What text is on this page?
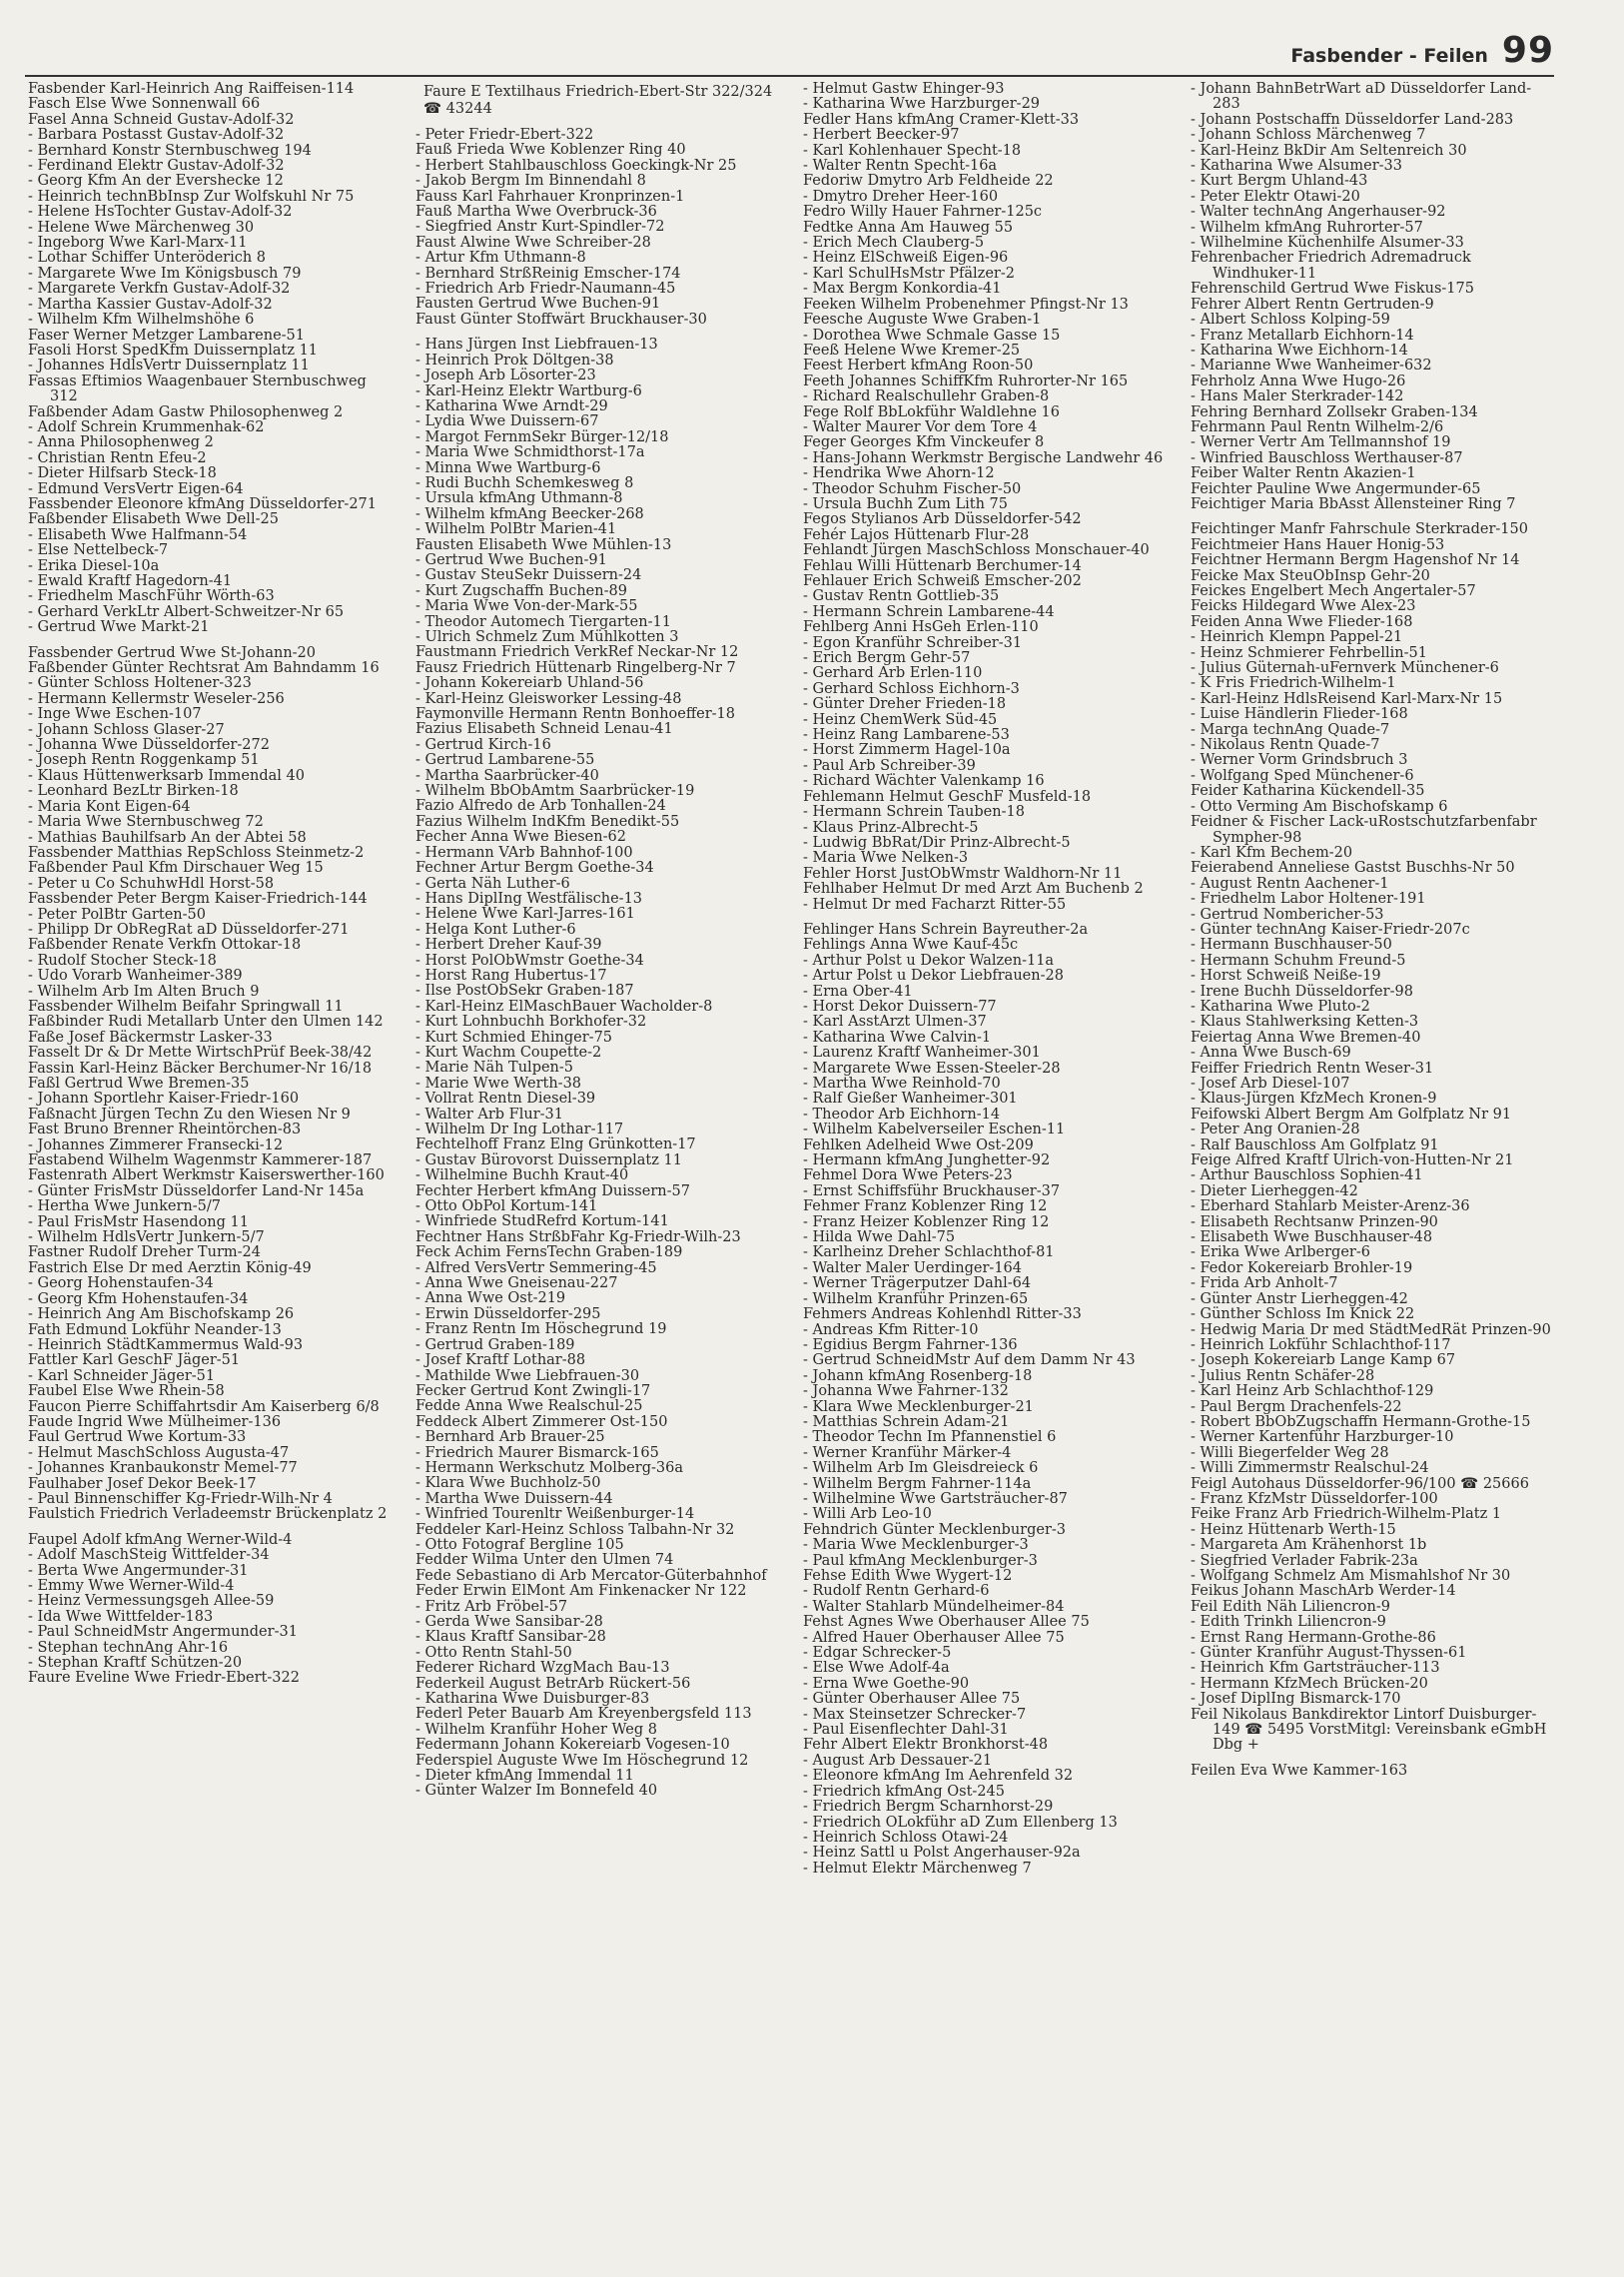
Fasbender - Feilen 99
Fasbender Karl-Heinrich Ang Raiffeisen-114
Fasch Else Wwe Sonnenwall 66
Fasel Anna Schneid Gustav-Adolf-32
- Barbara Postasst Gustav-Adolf-32
- Bernhard Konstr Sternbuschweg 194
- Ferdinand Elektr Gustav-Adolf-32
- Georg Kfm An der Evershecke 12
- Heinrich technBbInsp Zur Wolfskuhl Nr 75
- Helene HsTochter Gustav-Adolf-32
- Helene Wwe Märchenweg 30
- Ingeborg Wwe Karl-Marx-11
- Lothar Schiffer Unteröderich 8
- Margarete Wwe Im Königsbusch 79
- Margarete Verkfn Gustav-Adolf-32
- Martha Kassier Gustav-Adolf-32
- Wilhelm Kfm Wilhelmshöhe 6
Faser Werner Metzger Lambarene-51
Fasoli Horst SpedKfm Duissernplatz 11
- Johannes HdlsVertr Duissernplatz 11
Fassas Eftimios Waagenbauer Sternbuschweg 312
Faßbender Adam Gastw Philosophenweg 2
- Adolf Schrein Krummenhak-62
- Anna Philosophenweg 2
- Christian Rentn Efeu-2
- Dieter Hilfsarb Steck-18
- Edmund VersVertr Eigen-64
Fassbender Eleonore kfmAng Düsseldorfer-271
Faßbender Elisabeth Wwe Dell-25
- Elisabeth Wwe Halfmann-54
- Else Nettelbeck-7
- Erika Diesel-10a
- Ewald Kraftf Hagedorn-41
- Friedhelm MaschFühr Wörth-63
- Gerhard VerkLtr Albert-Schweitzer-Nr 65
- Gertrud Wwe Markt-21
Fassbender Gertrud Wwe St-Johann-20
Faßbender Günter Rechtsrat Am Bahndamm 16
- Günter Schloss Holtener-323
- Hermann Kellermstr Weseler-256
- Inge Wwe Eschen-107
- Johann Schloss Glaser-27
- Johanna Wwe Düsseldorfer-272
- Joseph Rentn Roggenkamp 51
- Klaus Hüttenwerksarb Immendal 40
- Leonhard BezLtr Birken-18
- Maria Kont Eigen-64
- Maria Wwe Sternbuschweg 72
- Mathias Bauhilfsarb An der Abtei 58
Fassbender Matthias RepSchloss Steinmetz-2
Faßbender Paul Kfm Dirschauer Weg 15
- Peter u Co SchuhwHdl Horst-58
Fassbender Peter Bergm Kaiser-Friedrich-144
- Peter PolBtr Garten-50
- Philipp Dr ObRegRat aD Düsseldorfer-271
Faßbender Renate Verkfn Ottokar-18
- Rudolf Stocher Steck-18
- Udo Vorarb Wanheimer-389
- Wilhelm Arb Im Alten Bruch 9
Fassbender Wilhelm Beifahr Springwall 11
Faßbinder Rudi Metallarb Unter den Ulmen 142
Faße Josef Bäckermstr Lasker-33
Fasselt Dr & Dr Mette WirtschPrüf Beek-38/42
Fassin Karl-Heinz Bäcker Berchumer-Nr 16/18
Faßl Gertrud Wwe Bremen-35
- Johann Sportlehr Kaiser-Friedr-160
Faßnacht Jürgen Techn Zu den Wiesen Nr 9
Fast Bruno Brenner Rheintörchen-83
- Johannes Zimmerer Fransecki-12
Fastabend Wilhelm Wagenmstr Kammerer-187
Fastenrath Albert Werkmstr Kaiserswerther-160
- Günter FrisMstr Düsseldorfer Land-Nr 145a
- Hertha Wwe Junkern-5/7
- Paul FrisMstr Hasendong 11
- Wilhelm HdlsVertr Junkern-5/7
Fastner Rudolf Dreher Turm-24
Fastrich Else Dr med Aerztin König-49
- Georg Hohenstaufen-34
- Georg Kfm Hohenstaufen-34
- Heinrich Ang Am Bischofskamp 26
Fath Edmund Lokführ Neander-13
- Heinrich StädtKammermus Wald-93
Fattler Karl GeschF Jäger-51
- Karl Schneider Jäger-51
Faubel Else Wwe Rhein-58
Faucon Pierre Schiffahrtsdir Am Kaiserberg 6/8
Faude Ingrid Wwe Mülheimer-136
Faul Gertrud Wwe Kortum-33
- Helmut MaschSchloss Augusta-47
- Johannes Kranbaukonstr Memel-77
Faulhaber Josef Dekor Beek-17
- Paul Binnenschiffer Kg-Friedr-Wilh-Nr 4
Faulstich Friedrich Verladeemstr Brückenplatz 2
Faupel Adolf kfmAng Werner-Wild-4
- Adolf MaschSteig Wittfelder-34
- Berta Wwe Angermunder-31
- Emmy Wwe Werner-Wild-4
- Heinz Vermessungsgeh Allee-59
- Ida Wwe Wittfelder-183
- Paul SchneidMstr Angermunder-31
- Stephan technAng Ahr-16
- Stephan Kraftf Schützen-20
Faure Eveline Wwe Friedr-Ebert-322
Faure E Textilhaus Friedrich-Ebert-Str 322/324 ☎ 43244
- Peter Friedr-Ebert-322
Fauß Frieda Wwe Koblenzer Ring 40
- Herbert Stahlbauschloss Goeckingk-Nr 25
- Jakob Bergm Im Binnendahl 8
Fauss Karl Fahrhauer Kronprinzen-1
Fauß Martha Wwe Overbruck-36
- Siegfried Anstr Kurt-Spindler-72
Faust Alwine Wwe Schreiber-28
- Artur Kfm Uthmann-8
- Bernhard StrßReinig Emscher-174
- Friedrich Arb Friedr-Naumann-45
Fausten Gertrud Wwe Buchen-91
Faust Günter Stoffwärt Bruckhauser-30
- Hans Jürgen Inst Liebfrauen-13
- Heinrich Prok Döltgen-38
- Joseph Arb Lösorter-23
- Karl-Heinz Elektr Wartburg-6
- Katharina Wwe Arndt-29
- Lydia Wwe Duissern-67
- Margot FernmSekr Bürger-12/18
- Maria Wwe Schmidthorst-17a
- Minna Wwe Wartburg-6
- Rudi Buchh Schemkesweg 8
- Ursula kfmAng Uthmann-8
- Wilhelm kfmAng Beecker-268
- Wilhelm PolBtr Marien-41
Fausten Elisabeth Wwe Mühlen-13
- Gertrud Wwe Buchen-91
- Gustav SteuSekr Duissern-24
- Kurt Zugschaffn Buchen-89
- Maria Wwe Von-der-Mark-55
- Theodor Automech Tiergarten-11
- Ulrich Schmelz Zum Mühlkotten 3
Faustmann Friedrich VerkRef Neckar-Nr 12
Fausz Friedrich Hüttenarb Ringelberg-Nr 7
- Johann Kokereiarb Uhland-56
- Karl-Heinz Gleisworker Lessing-48
Faymonville Hermann Rentn Bonhoeffer-18
Fazius Elisabeth Schneid Lenau-41
- Gertrud Kirch-16
- Gertrud Lambarene-55
- Martha Saarbrücker-40
- Wilhelm BbObAmtm Saarbrücker-19
Fazio Alfredo de Arb Tonhallen-24
Fazius Wilhelm IndKfm Benedikt-55
Fecher Anna Wwe Biesen-62
- Hermann VArb Bahnhof-100
Fechner Artur Bergm Goethe-34
- Gerta Näh Luther-6
- Hans DiplIng Westfälische-13
- Helene Wwe Karl-Jarres-161
- Helga Kont Luther-6
- Herbert Dreher Kauf-39
- Horst PolObWmstr Goethe-34
- Horst Rang Hubertus-17
- Ilse PostObSekr Graben-187
- Karl-Heinz ElMaschBauer Wacholder-8
- Kurt Lohnbuchh Borkhofer-32
- Kurt Schmied Ehinger-75
- Kurt Wachm Coupette-2
- Marie Näh Tulpen-5
- Marie Wwe Werth-38
- Vollrat Rentn Diesel-39
- Walter Arb Flur-31
- Wilhelm Dr Ing Lothar-117
Fechtelhoff Franz Elng Grünkotten-17
- Gustav Bürovorst Duissernplatz 11
- Wilhelmine Buchh Kraut-40
Fechter Herbert kfmAng Duissern-57
- Otto ObPol Kortum-141
- Winfriede StudRefrd Kortum-141
Fechtner Hans StrßbFahr Kg-Friedr-Wilh-23
Feck Achim FernsTechn Graben-189
- Alfred VersVertr Semmering-45
- Anna Wwe Gneisenau-227
- Anna Wwe Ost-219
- Erwin Düsseldorfer-295
- Franz Rentn Im Höschegrund 19
- Gertrud Graben-189
- Josef Kraftf Lothar-88
- Mathilde Wwe Liebfrauen-30
Fecker Gertrud Kont Zwingli-17
Fedde Anna Wwe Realschul-25
Feddeck Albert Zimmerer Ost-150
- Bernhard Arb Brauer-25
- Friedrich Maurer Bismarck-165
- Hermann Werkschutz Molberg-36a
- Klara Wwe Buchholz-50
- Martha Wwe Duissern-44
- Winfried Tourenltr Weißenburger-14
Feddeler Karl-Heinz Schloss Talbahn-Nr 32
- Otto Fotograf Bergline 105
Fedder Wilma Unter den Ulmen 74
Fede Sebastiano di Arb Mercator-Güterbahnhof
Feder Erwin ElMont Am Finkenacker Nr 122
- Fritz Arb Fröbel-57
- Gerda Wwe Sansibar-28
- Klaus Kraftf Sansibar-28
- Otto Rentn Stahl-50
Federer Richard WzgMach Bau-13
Federkeil August BetrArb Rückert-56
- Katharina Wwe Duisburger-83
Federl Peter Bauarb Am Kreyenbergsfeld 113
- Wilhelm Kranführ Hoher Weg 8
Federmann Johann Kokereiarb Vogesen-10
Federspiel Auguste Wwe Im Höschegrund 12
- Dieter kfmAng Immendal 11
- Günter Walzer Im Bonnefeld 40
- Helmut Gastw Ehinger-93
- Katharina Wwe Harzburger-29
Fedler Hans kfmAng Cramer-Klett-33
- Herbert Beecker-97
- Karl Kohlenhauer Specht-18
- Walter Rentn Specht-16a
Fedoriw Dmytro Arb Feldheide 22
- Dmytro Dreher Heer-160
Fedro Willy Hauer Fahrner-125c
Fedtke Anna Am Hauweg 55
- Erich Mech Clauberg-5
- Heinz ElSchweiß Eigen-96
- Karl SchulHsMstr Pfälzer-2
- Max Bergm Konkordia-41
Feeken Wilhelm Probenehmer Pfingst-Nr 13
Feesche Auguste Wwe Graben-1
- Dorothea Wwe Schmale Gasse 15
Feeß Helene Wwe Kremer-25
Feest Herbert kfmAng Roon-50
Feeth Johannes SchiffKfm Ruhrorter-Nr 165
- Richard Realschullehr Graben-8
Fege Rolf BbLokführ Waldlehne 16
- Walter Maurer Vor dem Tore 4
Feger Georges Kfm Vinckeufer 8
- Hans-Johann Werkmstr Bergische Landwehr 46
- Hendrika Wwe Ahorn-12
- Theodor Schuhm Fischer-50
- Ursula Buchh Zum Lith 75
Fegos Stylianos Arb Düsseldorfer-542
Fehér Lajos Hüttenarb Flur-28
Fehlandt Jürgen MaschSchloss Monschauer-40
Fehlau Willi Hüttenarb Berchumer-14
Fehlauer Erich Schweiß Emscher-202
- Gustav Rentn Gottlieb-35
- Hermann Schrein Lambarene-44
Fehlberg Anni HsGeh Erlen-110
- Egon Kranführ Schreiber-31
- Erich Bergm Gehr-57
- Gerhard Arb Erlen-110
- Gerhard Schloss Eichhorn-3
- Günter Dreher Frieden-18
- Heinz ChemWerk Süd-45
- Heinz Rang Lambarene-53
- Horst Zimmerm Hagel-10a
- Paul Arb Schreiber-39
- Richard Wächter Valenkamp 16
Fehlemann Helmut GeschF Musfeld-18
- Hermann Schrein Tauben-18
- Klaus Prinz-Albrecht-5
- Ludwig BbRat/Dir Prinz-Albrecht-5
- Maria Wwe Nelken-3
Fehler Horst JustObWmstr Waldhorn-Nr 11
Fehlhaber Helmut Dr med Arzt Am Buchenb 2
- Helmut Dr med Facharzt Ritter-55
Fehlinger Hans Schrein Bayreuther-2a
Fehlings Anna Wwe Kauf-45c
- Arthur Polst u Dekor Walzen-11a
- Artur Polst u Dekor Liebfrauen-28
- Erna Ober-41
- Horst Dekor Duissern-77
- Karl AsstArzt Ulmen-37
- Katharina Wwe Calvin-1
- Laurenz Kraftf Wanheimer-301
- Margarete Wwe Essen-Steeler-28
- Martha Wwe Reinhold-70
- Ralf Gießer Wanheimer-301
- Theodor Arb Eichhorn-14
- Wilhelm Kabelverseiler Eschen-11
Fehlken Adelheid Wwe Ost-209
- Hermann kfmAng Junghetter-92
Fehmel Dora Wwe Peters-23
- Ernst Schiffsführ Bruckhauser-37
Fehmer Franz Koblenzer Ring 12
- Franz Heizer Koblenzer Ring 12
- Hilda Wwe Dahl-75
- Karlheinz Dreher Schlachthof-81
- Walter Maler Uerdinger-164
- Werner Trägerputzer Dahl-64
- Wilhelm Kranführ Prinzen-65
Fehmers Andreas Kohlenhdl Ritter-33
- Andreas Kfm Ritter-10
- Egidius Bergm Fahrner-136
- Gertrud SchneidMstr Auf dem Damm Nr 43
- Johann kfmAng Rosenberg-18
- Johanna Wwe Fahrner-132
- Klara Wwe Mecklenburger-21
- Matthias Schrein Adam-21
- Theodor Techn Im Pfannenstiel 6
- Werner Kranführ Märker-4
- Wilhelm Arb Im Gleisdreieck 6
- Wilhelm Bergm Fahrner-114a
- Wilhelmine Wwe Gartsträucher-87
- Willi Arb Leo-10
Fehndrich Günter Mecklenburger-3
- Maria Wwe Mecklenburger-3
- Paul kfmAng Mecklenburger-3
Fehse Edith Wwe Wygert-12
- Rudolf Rentn Gerhard-6
- Walter Stahlarb Mündelheimer-84
Fehst Agnes Wwe Oberhauser Allee 75
- Alfred Hauer Oberhauser Allee 75
- Edgar Schrecker-5
- Else Wwe Adolf-4a
- Erna Wwe Goethe-90
- Günter Oberhauser Allee 75
- Max Steinsetzer Schrecker-7
- Paul Eisenflechter Dahl-31
Fehr Albert Elektr Bronkhorst-48
- August Arb Dessauer-21
- Eleonore kfmAng Im Aehrenfeld 32
- Friedrich kfmAng Ost-245
- Friedrich Bergm Scharnhorst-29
- Friedrich OLokführ aD Zum Ellenberg 13
- Heinrich Schloss Otawi-24
- Heinz Sattl u Polst Angerhauser-92a
- Helmut Elektr Märchenweg 7
- Johann BahnBetrWart aD Düsseldorfer Land-283
- Johann Postschaffn Düsseldorfer Land-283
- Johann Schloss Märchenweg 7
- Karl-Heinz BkDir Am Seltenreich 30
- Katharina Wwe Alsumer-33
- Kurt Bergm Uhland-43
- Peter Elektr Otawi-20
- Walter technAng Angerhauser-92
- Wilhelm kfmAng Ruhrorter-57
- Wilhelmine Küchenhilfe Alsumer-33
Fehrenbacher Friedrich Adremadruck Windhuker-11
Fehrenschild Gertrud Wwe Fiskus-175
Fehrer Albert Rentn Gertruden-9
- Albert Schloss Kolping-59
- Franz Metallarb Eichhorn-14
- Katharina Wwe Eichhorn-14
- Marianne Wwe Wanheimer-632
Fehrholz Anna Wwe Hugo-26
- Hans Maler Sterkrader-142
Fehring Bernhard Zollsekr Graben-134
Fehrmann Paul Rentn Wilhelm-2/6
- Werner Vertr Am Tellmannshof 19
- Winfried Bauschloss Werthauser-87
Feiber Walter Rentn Akazien-1
Feichter Pauline Wwe Angermunder-65
Feichtiger Maria BbAsst Allensteiner Ring 7
Feichtinger Manfr Fahrschule Sterkrader-150
Feichtmeier Hans Hauer Honig-53
Feichtner Hermann Bergm Hagenshof Nr 14
Feicke Max SteuObInsp Gehr-20
Feickes Engelbert Mech Angertaler-57
Feicks Hildegard Wwe Alex-23
Feiden Anna Wwe Flieder-168
- Heinrich Klempn Pappel-21
- Heinz Schmierer Fehrbellin-51
- Julius Güternah-uFernverk Münchener-6
- K Fris Friedrich-Wilhelm-1
- Karl-Heinz HdlsReisend Karl-Marx-Nr 15
- Luise Händlerin Flieder-168
- Marga technAng Quade-7
- Nikolaus Rentn Quade-7
- Werner Vorm Grindsbruch 3
- Wolfgang Sped Münchener-6
Feider Katharina Kückendell-35
- Otto Verming Am Bischofskamp 6
Feidner & Fischer Lack-uRostschutzfarbenfabr Sympher-98
- Karl Kfm Bechem-20
Feierabend Anneliese Gastst Buschhs-Nr 50
- August Rentn Aachener-1
- Friedhelm Labor Holtener-191
- Gertrud Nombericher-53
- Günter technAng Kaiser-Friedr-207c
- Hermann Buschhauser-50
- Hermann Schuhm Freund-5
- Horst Schweiß Neiße-19
- Irene Buchh Düsseldorfer-98
- Katharina Wwe Pluto-2
- Klaus Stahlwerksing Ketten-3
Feiertag Anna Wwe Bremen-40
- Anna Wwe Busch-69
Feiffer Friedrich Rentn Weser-31
- Josef Arb Diesel-107
- Klaus-Jürgen KfzMech Kronen-9
Feifowski Albert Bergm Am Golfplatz Nr 91
- Peter Ang Oranien-28
- Ralf Bauschloss Am Golfplatz 91
Feige Alfred Kraftf Ulrich-von-Hutten-Nr 21
- Arthur Bauschloss Sophien-41
- Dieter Lierheggen-42
- Eberhard Stahlarb Meister-Arenz-36
- Elisabeth Rechtsanw Prinzen-90
- Elisabeth Wwe Buschhauser-48
- Erika Wwe Arlberger-6
- Fedor Kokereiarb Brohler-19
- Frida Arb Anholt-7
- Günter Anstr Lierheggen-42
- Günther Schloss Im Knick 22
- Hedwig Maria Dr med StädtMedRät Prinzen-90
- Heinrich Lokführ Schlachthof-117
- Joseph Kokereiarb Lange Kamp 67
- Julius Rentn Schäfer-28
- Karl Heinz Arb Schlachthof-129
- Paul Bergm Drachenfels-22
- Robert BbObZugschaffn Hermann-Grothe-15
- Werner Kartenführ Harzburger-10
- Willi Biegerfelder Weg 28
- Willi Zimmermstr Realschul-24
Feigl Autohaus Düsseldorfer-96/100 ☎ 25666
- Franz KfzMstr Düsseldorfer-100
Feike Franz Arb Friedrich-Wilhelm-Platz 1
- Heinz Hüttenarb Werth-15
- Margareta Am Krähenhorst 1b
- Siegfried Verlader Fabrik-23a
- Wolfgang Schmelz Am Mismahlshof Nr 30
Feikus Johann MaschArb Werder-14
Feil Edith Näh Liliencron-9
- Edith Trinkh Liliencron-9
- Ernst Rang Hermann-Grothe-86
- Günter Kranführ August-Thyssen-61
- Heinrich Kfm Gartsträucher-113
- Hermann KfzMech Brücken-20
- Josef DiplIng Bismarck-170
Feil Nikolaus Bankdirektor Lintorf Duisburger-149 ☎ 5495 VorstMitgl: Vereinsbank eGmbH Dbg +
Feilen Eva Wwe Kammer-163
